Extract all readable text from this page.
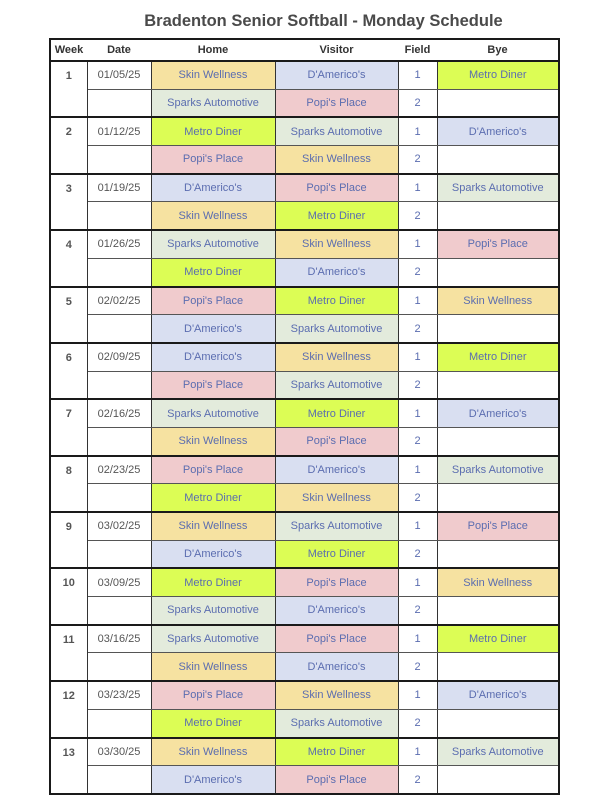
Bradenton Senior Softball - Monday Schedule
Week	Date	Home	Visitor	Field	Bye
1	01/05/25	Skin Wellness	D'Americo's	1	Metro Diner
		Sparks Automotive	Popi's Place	2	
2	01/12/25	Metro Diner	Sparks Automotive	1	D'Americo's
		Popi's Place	Skin Wellness	2	
3	01/19/25	D'Americo's	Popi's Place	1	Sparks Automotive
		Skin Wellness	Metro Diner	2	
4	01/26/25	Sparks Automotive	Skin Wellness	1	Popi's Place
		Metro Diner	D'Americo's	2	
5	02/02/25	Popi's Place	Metro Diner	1	Skin Wellness
		D'Americo's	Sparks Automotive	2	
6	02/09/25	D'Americo's	Skin Wellness	1	Metro Diner
		Popi's Place	Sparks Automotive	2	
7	02/16/25	Sparks Automotive	Metro Diner	1	D'Americo's
		Skin Wellness	Popi's Place	2	
8	02/23/25	Popi's Place	D'Americo's	1	Sparks Automotive
		Metro Diner	Skin Wellness	2	
9	03/02/25	Skin Wellness	Sparks Automotive	1	Popi's Place
		D'Americo's	Metro Diner	2	
10	03/09/25	Metro Diner	Popi's Place	1	Skin Wellness
		Sparks Automotive	D'Americo's	2	
11	03/16/25	Sparks Automotive	Popi's Place	1	Metro Diner
		Skin Wellness	D'Americo's	2	
12	03/23/25	Popi's Place	Skin Wellness	1	D'Americo's
		Metro Diner	Sparks Automotive	2	
13	03/30/25	Skin Wellness	Metro Diner	1	Sparks Automotive
		D'Americo's	Popi's Place	2	
